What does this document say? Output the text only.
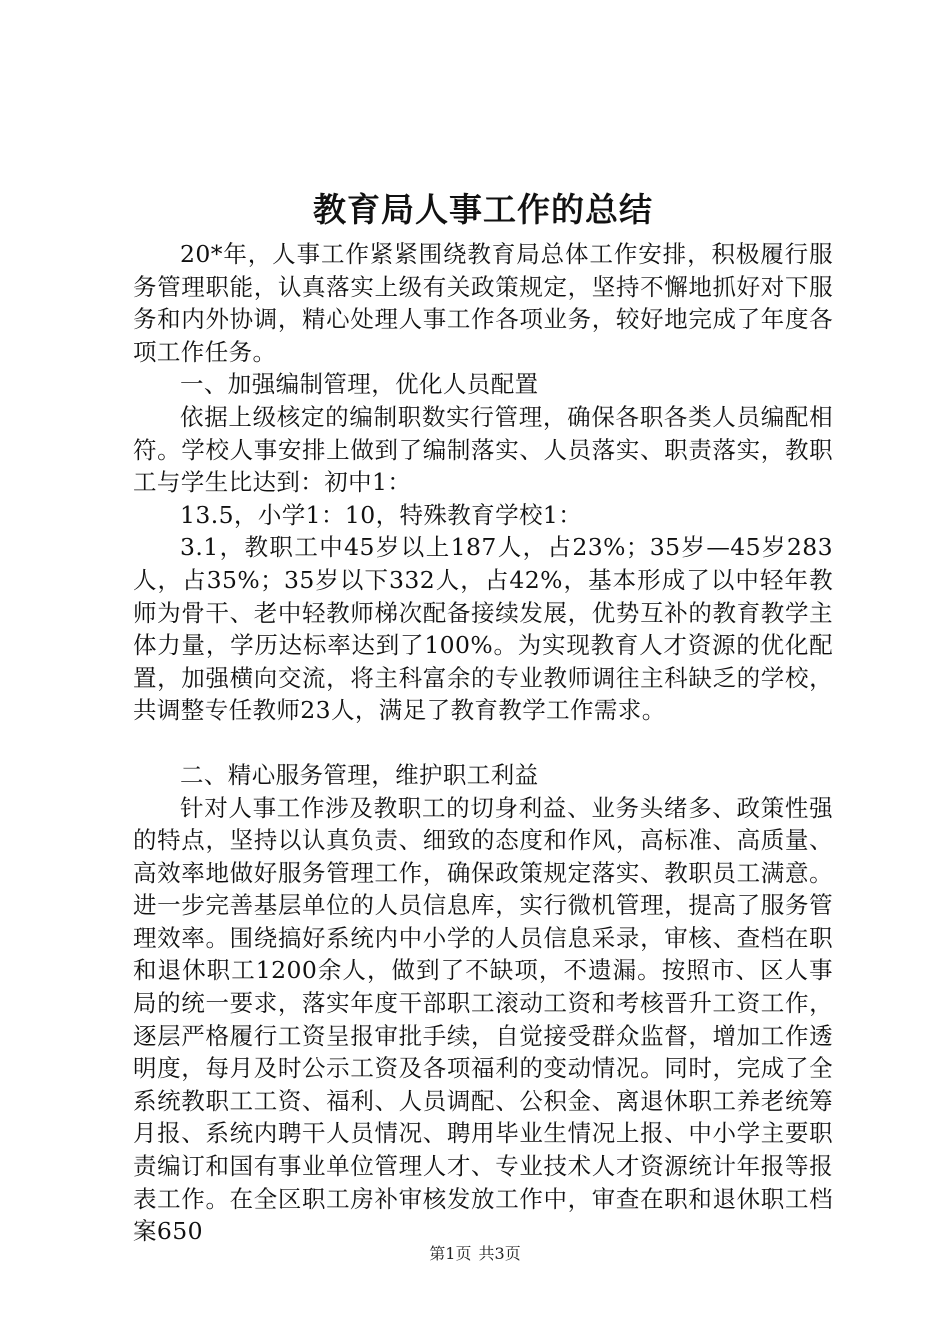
教育局人事工作的总结

20*年，人事工作紧紧围绕教育局总体工作安排，积极履行服务管理职能，认真落实上级有关政策规定，坚持不懈地抓好对下服务和内外协调，精心处理人事工作各项业务，较好地完成了年度各项工作任务。

一、加强编制管理，优化人员配置

依据上级核定的编制职数实行管理，确保各职各类人员编配相符。学校人事安排上做到了编制落实、人员落实、职责落实，教职工与学生比达到：初中1：

13.5，小学1：10，特殊教育学校1：

3.1，教职工中45岁以上187人，占23%；35岁—45岁283人，占35%；35岁以下332人，占42%，基本形成了以中轻年教师为骨干、老中轻教师梯次配备接续发展，优势互补的教育教学主体力量，学历达标率达到了100%。为实现教育人才资源的优化配置，加强横向交流，将主科富余的专业教师调往主科缺乏的学校，共调整专任教师23人，满足了教育教学工作需求。

二、精心服务管理，维护职工利益

针对人事工作涉及教职工的切身利益、业务头绪多、政策性强的特点，坚持以认真负责、细致的态度和作风，高标准、高质量、高效率地做好服务管理工作，确保政策规定落实、教职员工满意。进一步完善基层单位的人员信息库，实行微机管理，提高了服务管理效率。围绕搞好系统内中小学的人员信息采录，审核、查档在职和退休职工1200余人，做到了不缺项，不遗漏。按照市、区人事局的统一要求，落实年度干部职工滚动工资和考核晋升工资工作，逐层严格履行工资呈报审批手续，自觉接受群众监督，增加工作透明度，每月及时公示工资及各项福利的变动情况。同时，完成了全系统教职工工资、福利、人员调配、公积金、离退休职工养老统筹月报、系统内聘干人员情况、聘用毕业生情况上报、中小学主要职责编订和国有事业单位管理人才、专业技术人才资源统计年报等报表工作。在全区职工房补审核发放工作中，审查在职和退休职工档案650

第1页 共3页
